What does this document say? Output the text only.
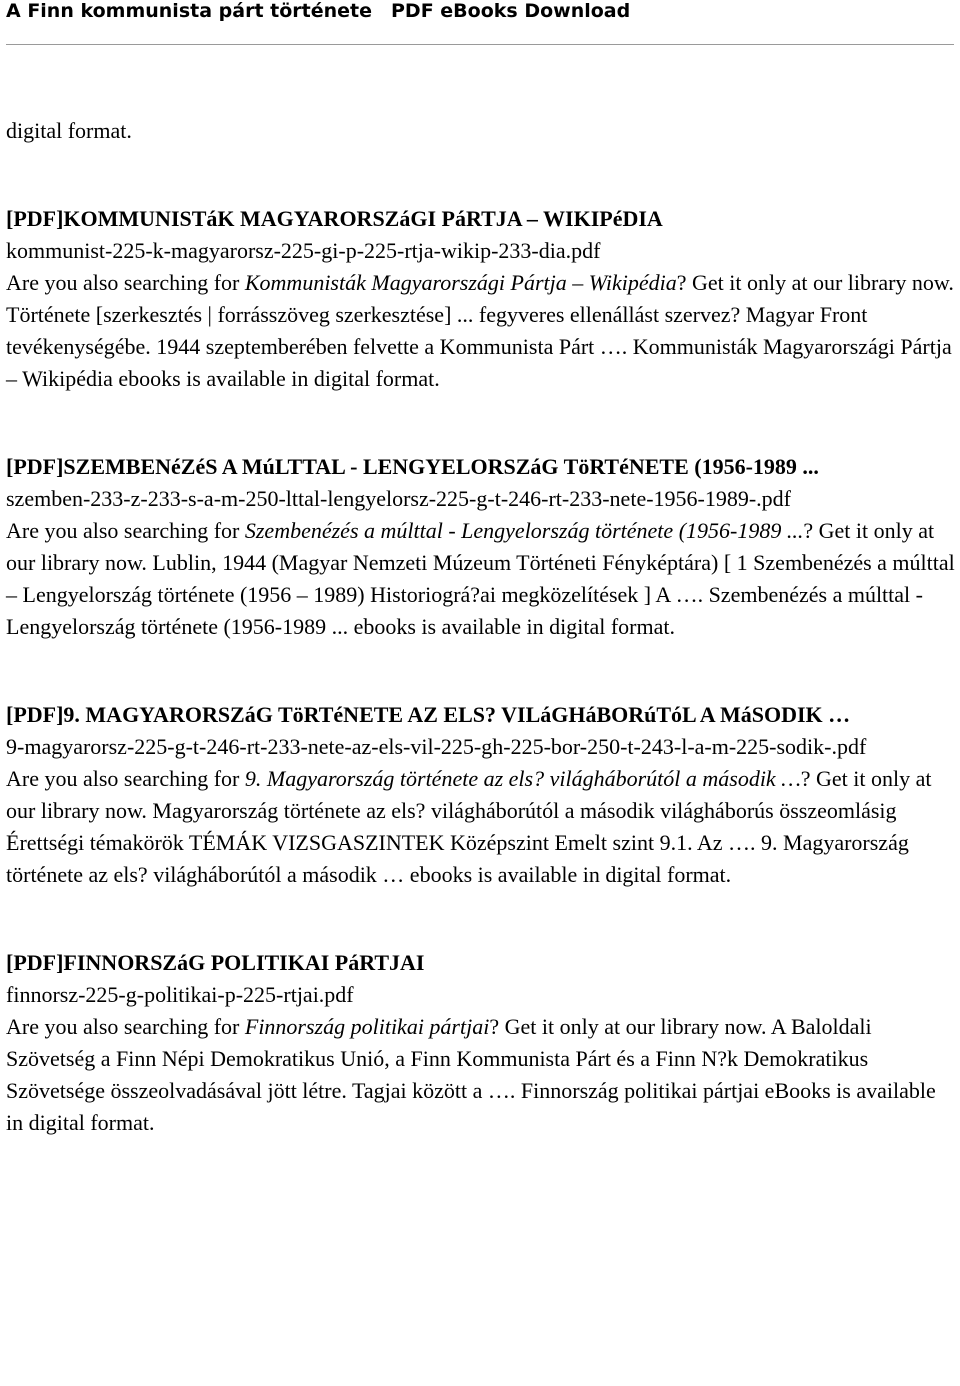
A Finn kommunista párt története PDF eBooks Download

digital format.

[PDF]KOMMUNISTáK MAGYARORSZáGI PáRTJA – WIKIPéDIA

kommunist-225-k-magyarorsz-225-gi-p-225-rtja-wikip-233-dia.pdf

Are you also searching for Kommunisták Magyarországi Pártja – Wikipédia? Get it only at our library now. Története [szerkesztés | forrásszöveg szerkesztése] ... fegyveres ellenállást szervez? Magyar Front tevékenységébe. 1944 szeptemberében felvette a Kommunista Párt …. Kommunisták Magyarországi Pártja – Wikipédia ebooks is available in digital format.

[PDF]SZEMBENéZéS A MúLTTAL - LENGYELORSZáG TöRTéNETE (1956-1989 ...

szemben-233-z-233-s-a-m-250-lttal-lengyelorsz-225-g-t-246-rt-233-nete-1956-1989-.pdf

Are you also searching for Szembenézés a múlttal - Lengyelország története (1956-1989 ...? Get it only at our library now. Lublin, 1944 (Magyar Nemzeti Múzeum Történeti Fényképtára) [ 1 Szembenézés a múlttal – Lengyelország története (1956 – 1989) Historiográ?ai megközelítések ] A …. Szembenézés a múlttal - Lengyelország története (1956-1989 ... ebooks is available in digital format.

[PDF]9. MAGYARORSZáG TöRTéNETE AZ ELS? VILáGHáBORúTóL A MáSODIK …

9-magyarorsz-225-g-t-246-rt-233-nete-az-els-vil-225-gh-225-bor-250-t-243-l-a-m-225-sodik-.pdf

Are you also searching for 9. Magyarország története az els? világháborútól a második …? Get it only at our library now. Magyarország története az els? világháborútól a második világháborús összeomlásig Érettségi témakörök TÉMÁK VIZSGASZINTEK Középszint Emelt szint 9.1. Az …. 9. Magyarország története az els? világháborútól a második … ebooks is available in digital format.

[PDF]FINNORSZáG POLITIKAI PáRTJAI

finnorsz-225-g-politikai-p-225-rtjai.pdf

Are you also searching for Finnország politikai pártjai? Get it only at our library now. A Baloldali Szövetség a Finn Népi Demokratikus Unió, a Finn Kommunista Párt és a Finn N?k Demokratikus Szövetsége összeolvadásával jött létre. Tagjai között a …. Finnország politikai pártjai eBooks is available in digital format.
